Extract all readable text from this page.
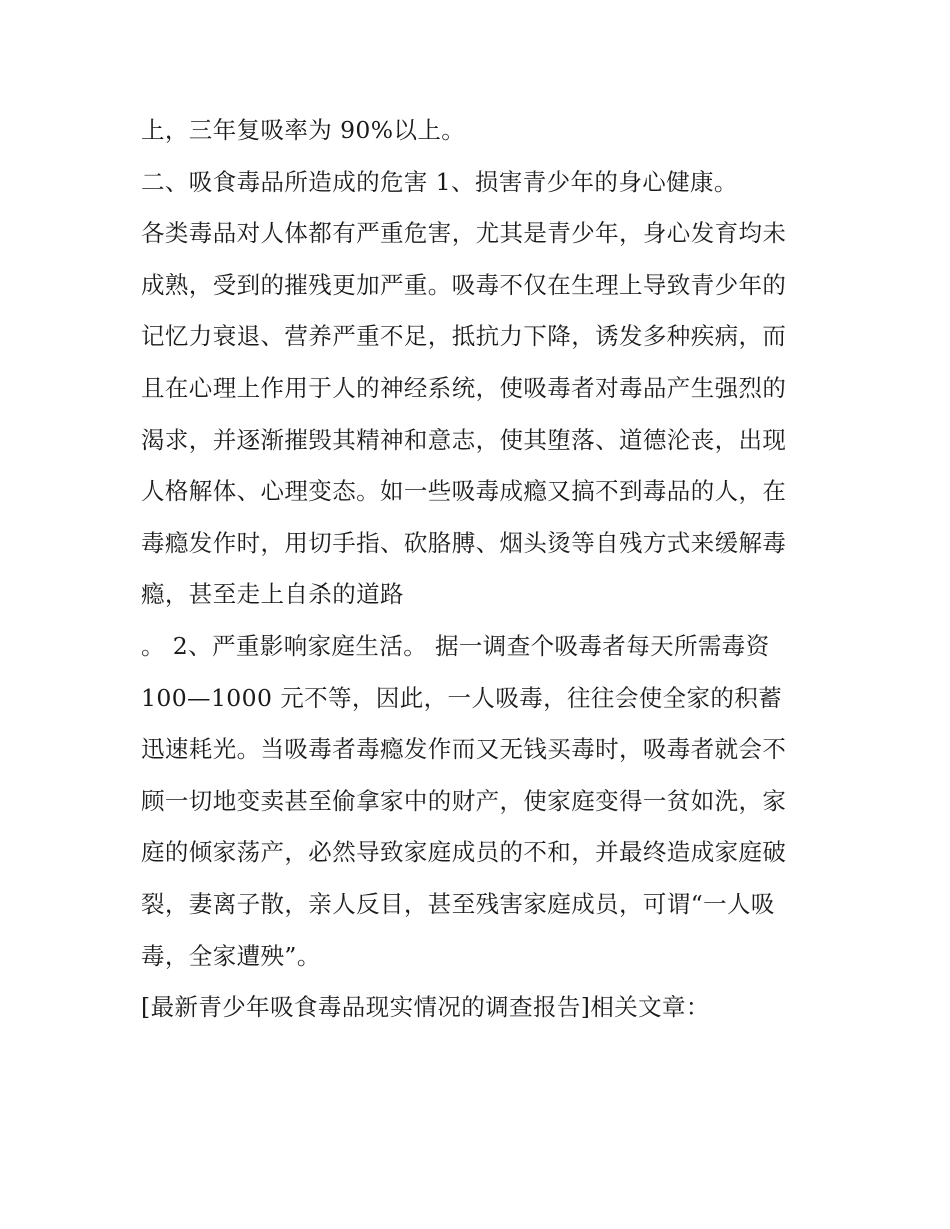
上，三年复吸率为 90%以上。
二、吸食毒品所造成的危害 1、损害青少年的身心健康。
各类毒品对人体都有严重危害，尤其是青少年，身心发育均未
成熟，受到的摧残更加严重。吸毒不仅在生理上导致青少年的
记忆力衰退、营养严重不足，抵抗力下降，诱发多种疾病，而
且在心理上作用于人的神经系统，使吸毒者对毒品产生强烈的
渴求，并逐渐摧毁其精神和意志，使其堕落、道德沦丧，出现
人格解体、心理变态。如一些吸毒成瘾又搞不到毒品的人，在
毒瘾发作时，用切手指、砍胳膊、烟头烫等自残方式来缓解毒
瘾，甚至走上自杀的道路
。 2、严重影响家庭生活。 据一调查个吸毒者每天所需毒资
100—1000 元不等，因此，一人吸毒，往往会使全家的积蓄
迅速耗光。当吸毒者毒瘾发作而又无钱买毒时，吸毒者就会不
顾一切地变卖甚至偷拿家中的财产，使家庭变得一贫如洗，家
庭的倾家荡产，必然导致家庭成员的不和，并最终造成家庭破
裂，妻离子散，亲人反目，甚至残害家庭成员，可谓“一人吸
毒，全家遭殃”。
[最新青少年吸食毒品现实情况的调查报告]相关文章：
